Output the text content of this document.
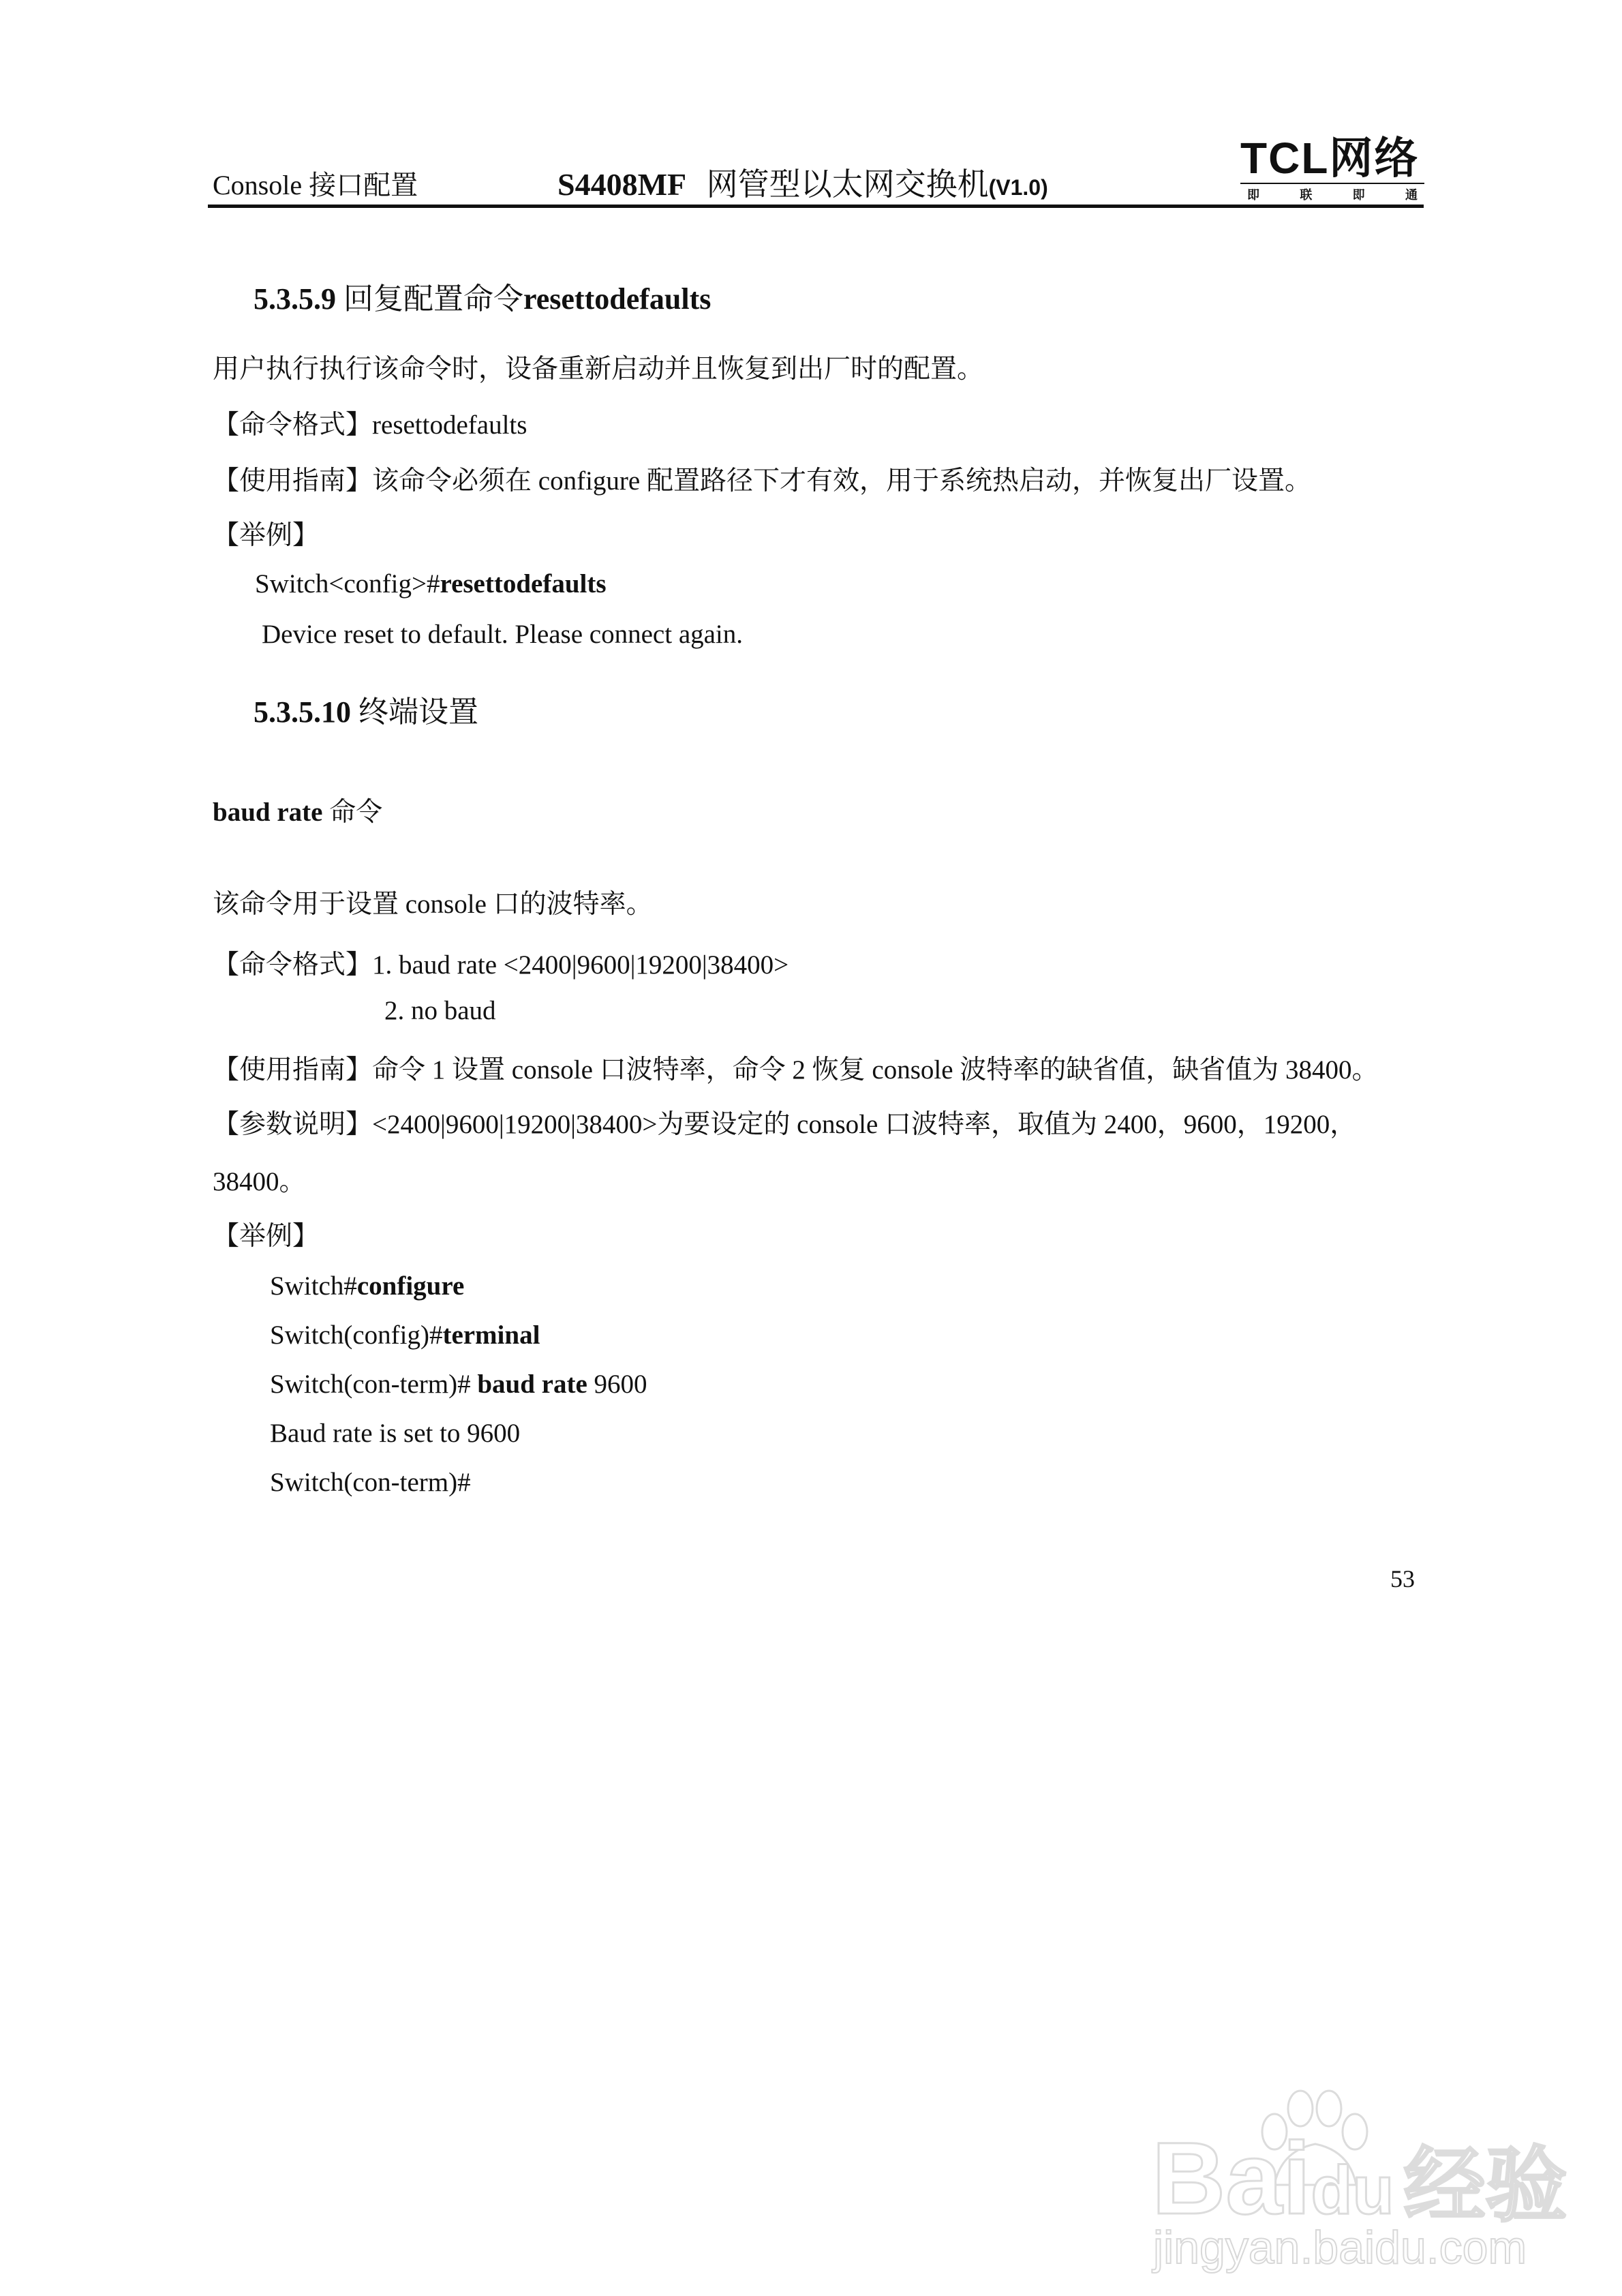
Console 接口配置	S4408MF 网管型以太网交换机(V1.0)
TCL网络
即	联	即	通
5.3.5.9 回复配置命令resettodefaults
用户执行执行该命令时，设备重新启动并且恢复到出厂时的配置。
【命令格式】resettodefaults
【使用指南】该命令必须在 configure 配置路径下才有效，用于系统热启动，并恢复出厂设置。
【举例】
Switch<config>#resettodefaults
Device reset to default. Please connect again.
5.3.5.10 终端设置
baud rate 命令
该命令用于设置 console 口的波特率。
【命令格式】1. baud rate <2400|9600|19200|38400>
2. no baud
【使用指南】命令 1 设置 console 口波特率，命令 2 恢复 console 波特率的缺省值，缺省值为 38400。
【参数说明】<2400|9600|19200|38400>为要设定的 console 口波特率，取值为 2400，9600，19200，
38400。
【举例】
Switch#configure
Switch(config)#terminal
Switch(con-term)# baud rate 9600
Baud rate is set to 9600
Switch(con-term)#
53
Baidu 经验
jingyan.baidu.com
